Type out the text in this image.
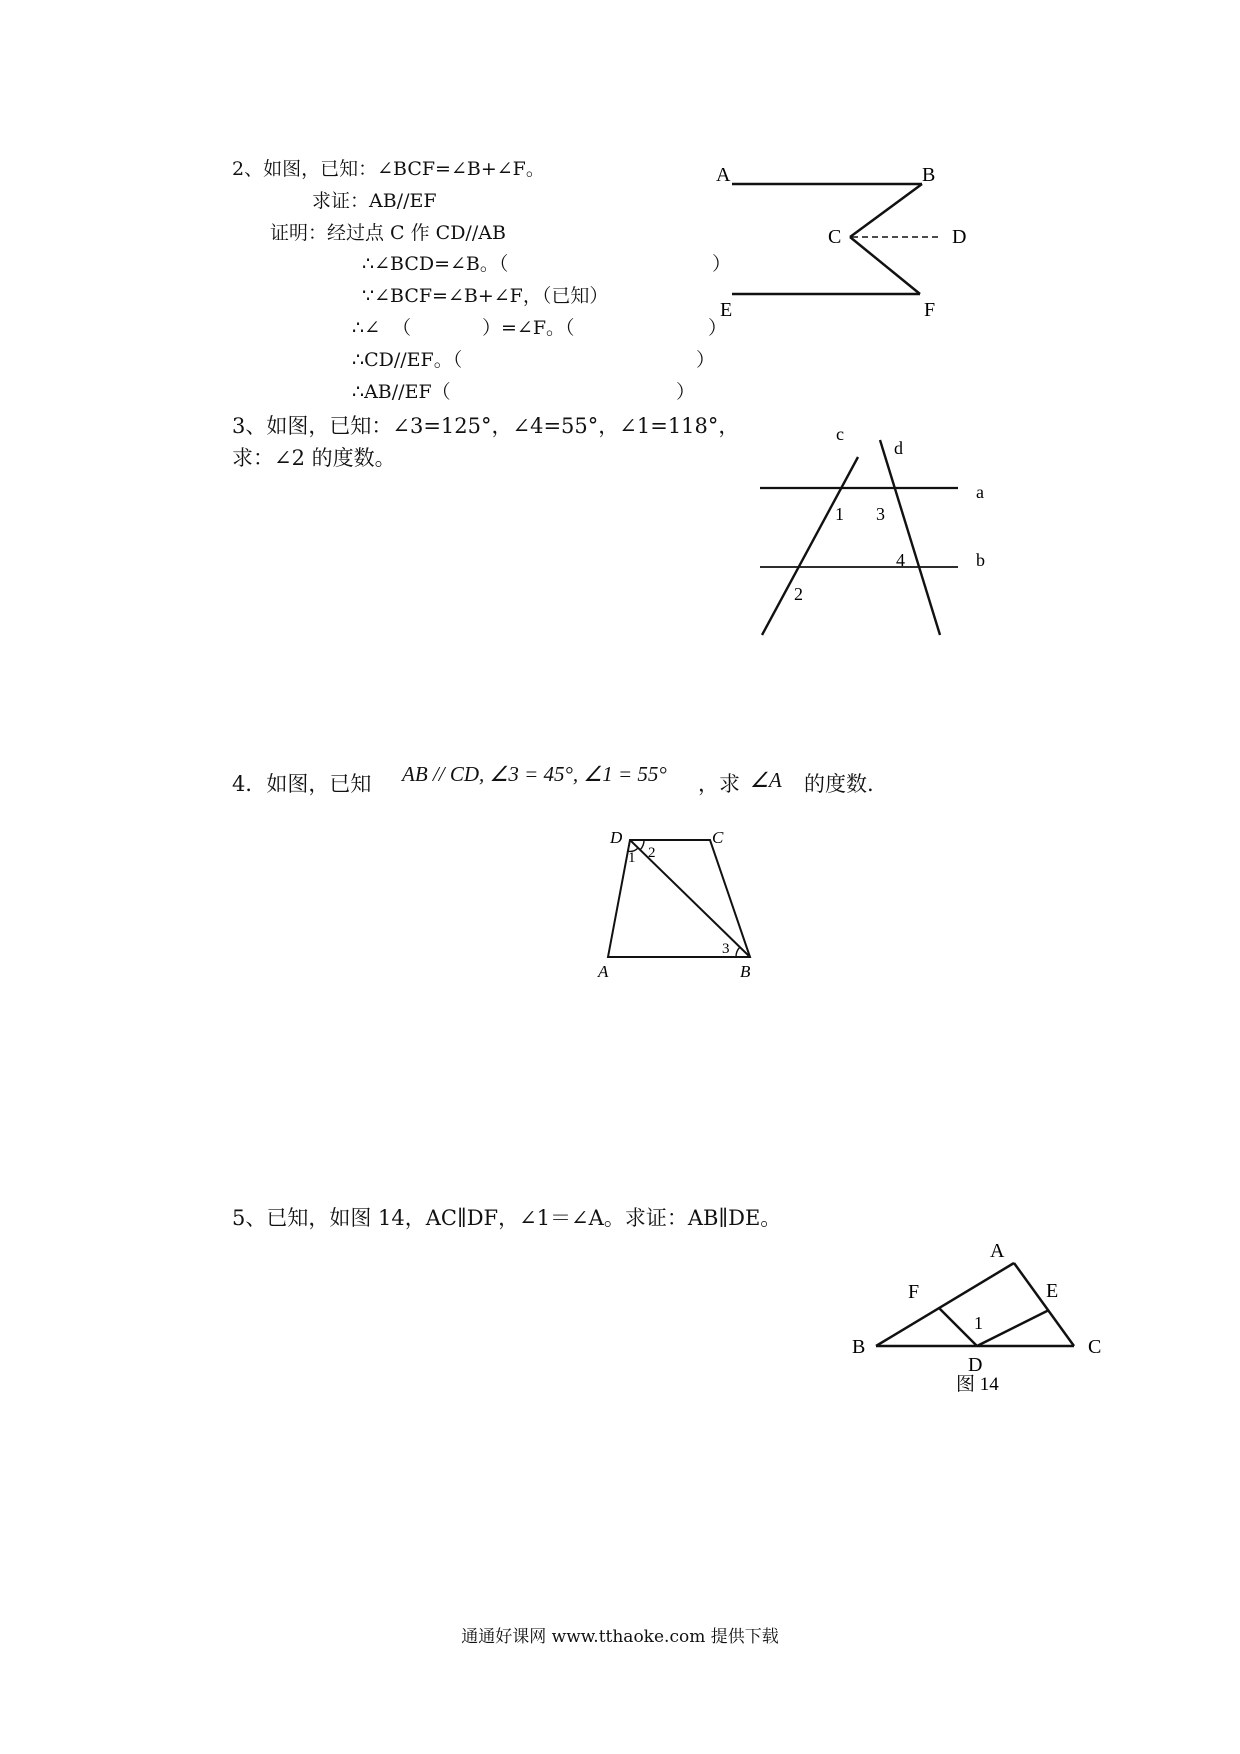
2、如图，已知：∠BCF=∠B+∠F。
求证：AB//EF
证明：经过点 C 作 CD//AB
∴∠BCD=∠B。（	）
∵∠BCF=∠B+∠F，（已知）
∴∠  （	）=∠F。（	）
∴CD//EF。（	）
∴AB//EF（	）
A	B
C	D
E	F
3、如图，已知：∠3=125°，∠4=55°，∠1=118°，
求：∠2 的度数。
c
d
a
b
1 3
4
2
4．如图，已知 AB // CD, ∠3 = 45°, ∠1 = 55° ，求 ∠A 的度数.
D	C
A	B
1 2
3
5、已知，如图 14，AC∥DF，∠1＝∠A。求证：AB∥DE。
A
F	E
B	C
D
1
图 14
通通好课网 www.tthaoke.com 提供下载
